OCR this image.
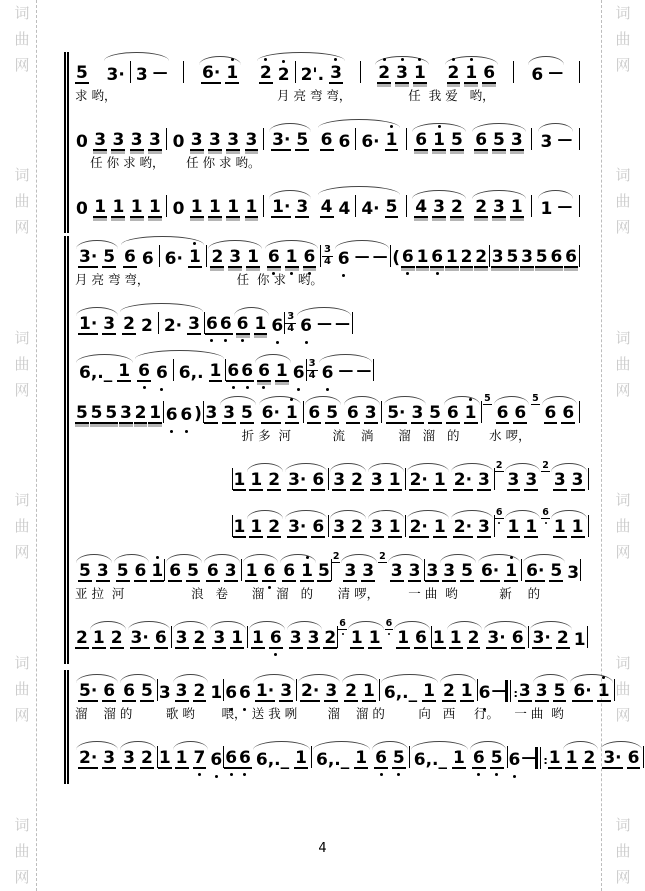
词
曲
网
词
曲
网
词
曲
网
词
曲
网
词
曲
网
词
曲
网
词
曲
网
词
曲
网
词
曲
网
词
曲
网
词
曲
网
词
曲
网
5 3· 3 — 6· 1 2 2 2'. 3 2 3 1 2 1 6 6 —
求 哟，	月 亮 弯 弯，	任  我 爱   哟，
0 3 3 3 3 0 3 3 3 3 3· 5 6 6 6· 1 6 1 5 6 5 3 3 —
任 你 求 哟， 任 你 求 哟。
0 1 1 1 1 0 1 1 1 1 1· 3 4 4 4· 5 4 3 2 2 3 1 1 —
3· 5 6 6 6· 1 2 3 1 6 1 $6 \frac{3}{4} 6$ — — ( 6 1 6 1 2 2 3 5 3 5 6 6
月 亮 弯 弯，	任  你 求   哟。
1· 3 2 2 2· 3 6 6 6 1 $6 \frac{3}{4} 6$ — —
6,._ 1 6 6 6,. 1 6 6 6 1 $6 \frac{3}{4} 6$ — —
5 5 5 3 2 1 6 6 ) 3 3 5 6· 1 6 5 6 3 5· 3 5 6 1
5
6 6
5
6 6
折 多  河	流    淌 溜   溜   的 水 啰，
1 1 2 3· 6 3 2 3 1 2· 1 2· 3
2
3 3
2
3 3
1 1 2 3· 6 3 2 3 1 2· 1 2· 3
6
1 1
6
1 1
5 3 5 6 1 6 5 6 3 1 6 6 1 5
2
3 3
2
3 3 3 3 5 6· 1 6· 5 3
亚 拉  河	浪   卷 溜   溜   的 清 啰， 一 曲  哟	新    的
2 1 2 3· 6 3 2 3 1 1 6 3 3 2
6
1 1
6
1 6 1 1 2 3· 6 3· 2 1
5· 6 6 5 3 3 2 1 6 6 1· 3 2· 3 2 1 6,._ 1 2 1 6 — : 3 3 5 6· 1
溜    溜 的	歌 哟 喂， 送 我 咧 溜    溜 的	向   西 行。 一 曲  哟
2· 3 3 2 1 1 7 6 6 6 6,._ 1 6,._ 1 6 5 6,._ 1 6 5 6 — : 1 1 2 3· 6
4
